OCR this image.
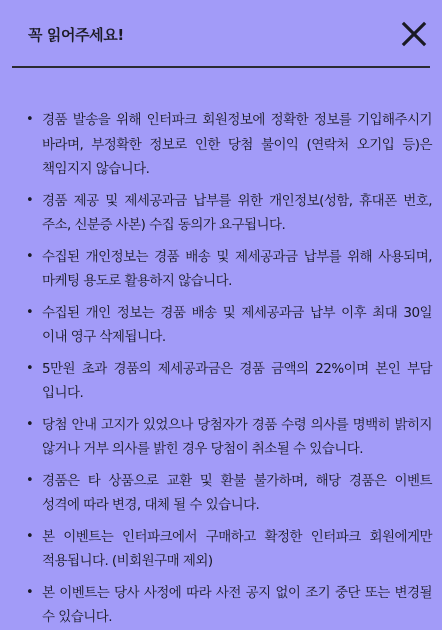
꼭 읽어주세요!
• 경품 발송을 위해 인터파크 회원정보에 정확한 정보를 기입해주시기 바라며, 부정확한 정보로 인한 당첨 불이익 (연락처 오기입 등)은 책임지지 않습니다.
• 경품 제공 및 제세공과금 납부를 위한 개인정보(성함, 휴대폰 번호, 주소, 신분증 사본) 수집 동의가 요구됩니다.
• 수집된 개인정보는 경품 배송 및 제세공과금 납부를 위해 사용되며, 마케팅 용도로 활용하지 않습니다.
• 수집된 개인 정보는 경품 배송 및 제세공과금 납부 이후 최대 30일 이내 영구 삭제됩니다.
• 5만원 초과 경품의 제세공과금은 경품 금액의 22%이며 본인 부담 입니다.
• 당첨 안내 고지가 있었으나 당첨자가 경품 수령 의사를 명백히 밝히지 않거나 거부 의사를 밝힌 경우 당첨이 취소될 수 있습니다.
• 경품은 타 상품으로 교환 및 환불 불가하며, 해당 경품은 이벤트 성격에 따라 변경, 대체 될 수 있습니다.
• 본 이벤트는 인터파크에서 구매하고 확정한 인터파크 회원에게만 적용됩니다. (비회원구매 제외)
• 본 이벤트는 당사 사정에 따라 사전 공지 없이 조기 중단 또는 변경될 수 있습니다.
